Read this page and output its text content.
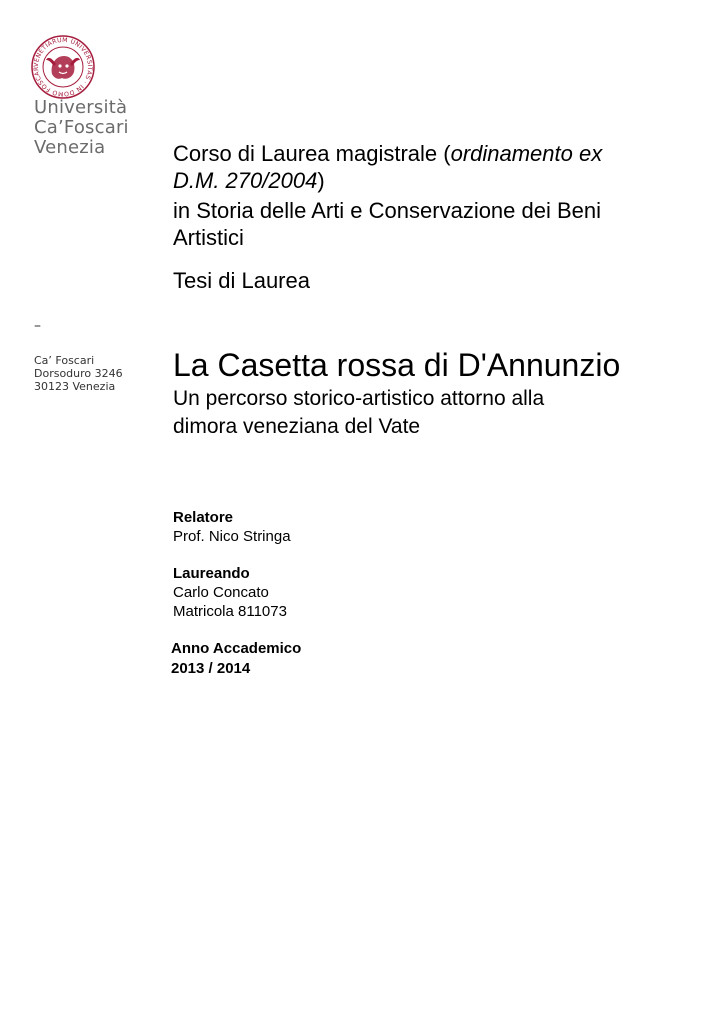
VENETIARUM UNIVERSITAS · IN DOMO FOSCAR
Università
Ca’Foscari
Venezia
–
Ca’ Foscari
Dorsoduro 3246
30123 Venezia
Corso di Laurea magistrale (ordinamento ex
D.M. 270/2004)
in Storia delle Arti e Conservazione dei Beni
Artistici
Tesi di Laurea
La Casetta rossa di D'Annunzio
Un percorso storico-artistico attorno alla
dimora veneziana del Vate
Relatore
Prof. Nico Stringa
Laureando
Carlo Concato
Matricola 811073
Anno Accademico
2013 / 2014
